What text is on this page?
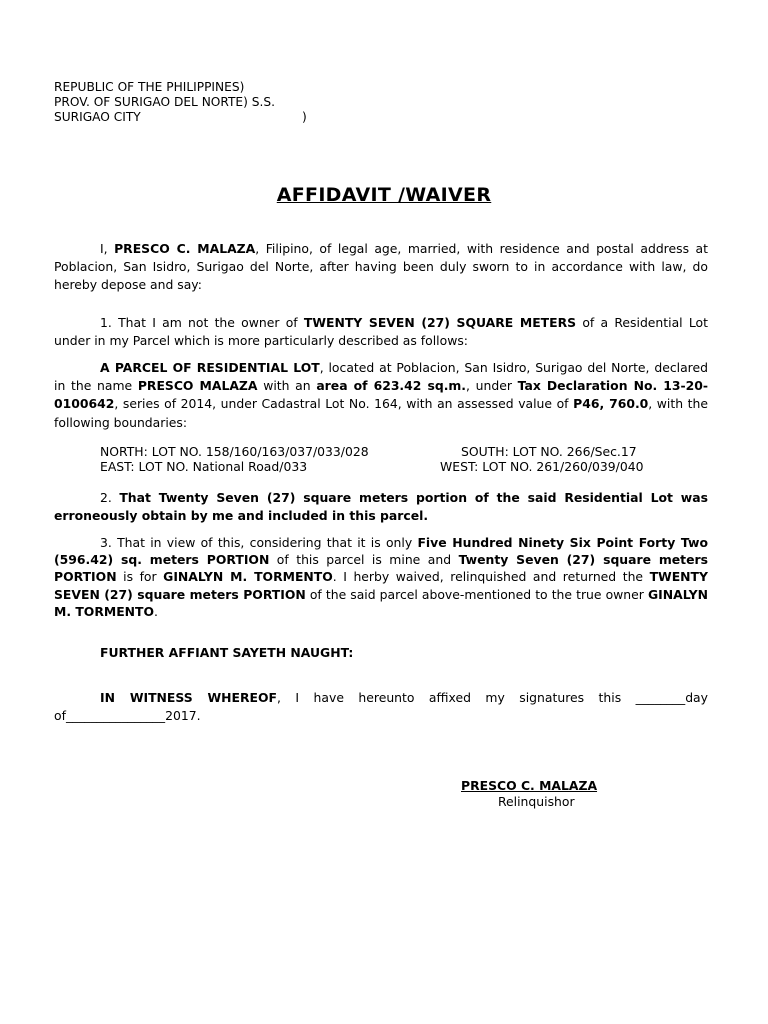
REPUBLIC OF THE PHILIPPINES)
PROV. OF SURIGAO DEL NORTE) S.S.
SURIGAO CITY	)
AFFIDAVIT /WAIVER
I, PRESCO C. MALAZA, Filipino, of legal age, married, with residence and postal address at Poblacion, San Isidro, Surigao del Norte, after having been duly sworn to in accordance with law, do hereby depose and say:
1. That I am not the owner of TWENTY SEVEN (27) SQUARE METERS of a Residential Lot under in my Parcel which is more particularly described as follows:
A PARCEL OF RESIDENTIAL LOT, located at Poblacion, San Isidro, Surigao del Norte, declared in the name PRESCO MALAZA with an area of 623.42 sq.m., under Tax Declaration No. 13-20-0100642, series of 2014, under Cadastral Lot No. 164, with an assessed value of P46, 760.0, with the following boundaries:
NORTH: LOT NO. 158/160/163/037/033/028	SOUTH: LOT NO. 266/Sec.17
EAST: LOT NO. National Road/033	WEST: LOT NO. 261/260/039/040
2. That Twenty Seven (27) square meters portion of the said Residential Lot was erroneously obtain by me and included in this parcel.
3. That in view of this, considering that it is only Five Hundred Ninety Six Point Forty Two (596.42) sq. meters PORTION of this parcel is mine and Twenty Seven (27) square meters PORTION is for GINALYN M. TORMENTO. I herby waived, relinquished and returned the TWENTY SEVEN (27) square meters PORTION of the said parcel above-mentioned to the true owner GINALYN M. TORMENTO.
FURTHER AFFIANT SAYETH NAUGHT:
IN WITNESS WHEREOF, I have hereunto affixed my signatures this ________day of________________2017.
PRESCO C. MALAZA
Relinquishor
